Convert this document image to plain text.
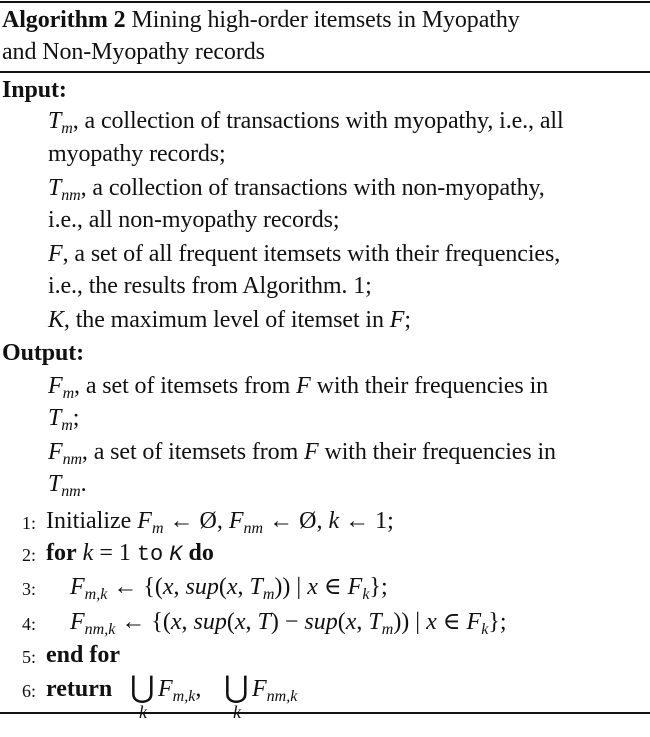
Algorithm 2 Mining high-order itemsets in Myopathy
and Non-Myopathy records
Input:
$T_m$, a collection of transactions with myopathy, i.e., all
myopathy records;
$T_{nm}$, a collection of transactions with non-myopathy,
i.e., all non-myopathy records;
F, a set of all frequent itemsets with their frequencies,
i.e., the results from Algorithm. 1;
K, the maximum level of itemset in F;
Output:
$F_m$, a set of itemsets from F with their frequencies in
$T_m$;
$F_{nm}$, a set of itemsets from F with their frequencies in
$T_{nm}$.
1: Initialize $F_m$ ← Ø, $F_{nm}$ ← Ø, k ← 1;
2: for k = 1 to K do
3: $F_{m,k}$ ← {(x, sup(x, $T_m$)) | x ∈ $F_k$};
4: $F_{nm,k}$ ← {(x, sup(x, T) − sup(x, $T_m$)) | x ∈ $F_k$};
5: end for
6: return ⋃ $F_{m,k}$, ⋃ $F_{nm,k}$
